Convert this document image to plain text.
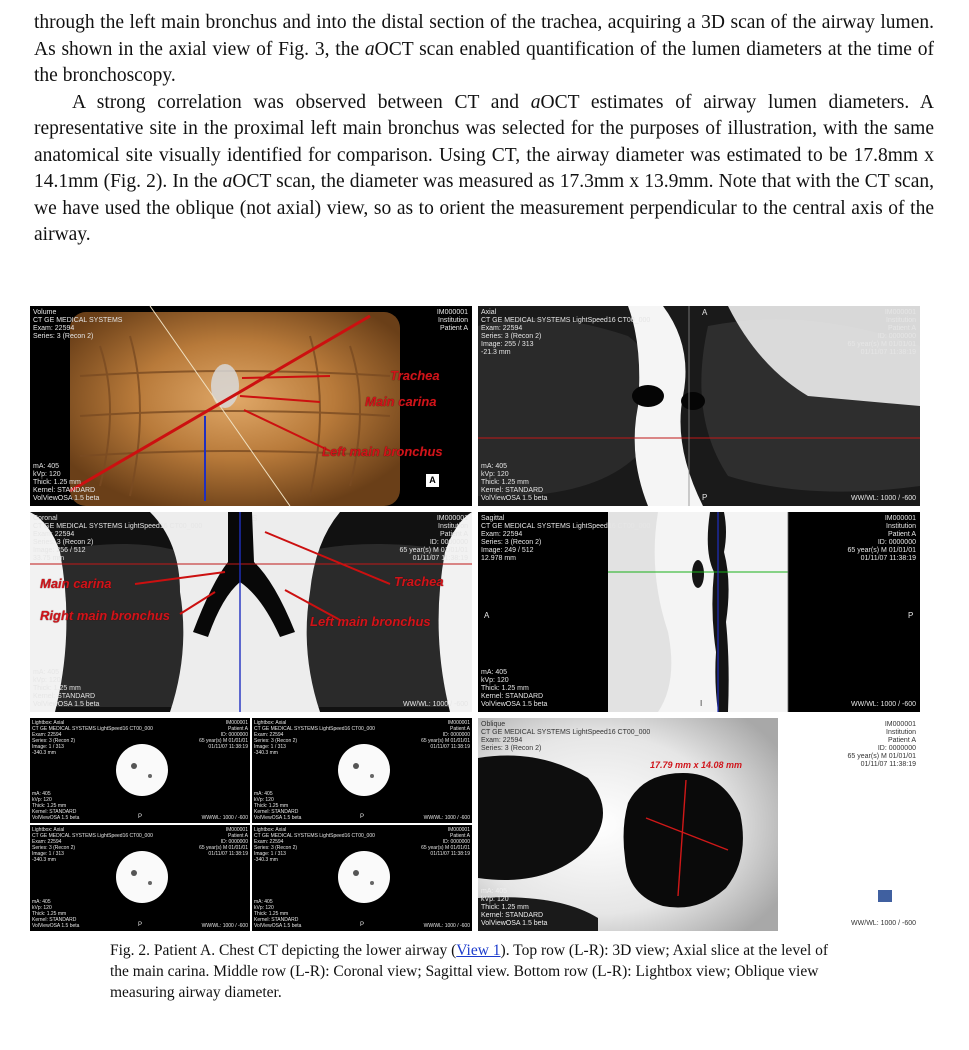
through the left main bronchus and into the distal section of the trachea, acquiring a 3D scan of the airway lumen. As shown in the axial view of Fig. 3, the aOCT scan enabled quantification of the lumen diameters at the time of the bronchoscopy.

A strong correlation was observed between CT and aOCT estimates of airway lumen diameters. A representative site in the proximal left main bronchus was selected for the purposes of illustration, with the same anatomical site visually identified for comparison. Using CT, the airway diameter was estimated to be 17.8mm x 14.1mm (Fig. 2). In the aOCT scan, the diameter was measured as 17.3mm x 13.9mm. Note that with the CT scan, we have used the oblique (not axial) view, so as to orient the measurement perpendicular to the central axis of the airway.

Volume
CT GE MEDICAL SYSTEMS
Exam: 22594
Series: 3 (Recon 2)
IM000001
Institution
Patient A
mA: 405
kVp: 120
Thick: 1.25 mm
Kernel: STANDARD
VolViewOSA 1.5 beta
Trachea
Main carina
Left main bronchus
A
Axial
CT GE MEDICAL SYSTEMS LightSpeed16 CT00_000
Exam: 22594
Series: 3 (Recon 2)
Image: 255 / 313
-21.3 mm
IM000001
Institution
Patient A
ID: 0000000
65 year(s) M 01/01/01
01/11/07 11:38:19
mA: 405
kVp: 120
Thick: 1.25 mm
Kernel: STANDARD
VolViewOSA 1.5 beta	WW/WL: 1000 / -600
A
P
Coronal
CT GE MEDICAL SYSTEMS LightSpeed16 CT00_000
Exam: 22594
Series: 3 (Recon 2)
Image: 256 / 512
33.75 mm
IM000001
Institution
Patient A
ID: 0000000
65 year(s) M 01/01/01
01/11/07 11:38:19
mA: 405
kVp: 120
Thick: 1.25 mm
Kernel: STANDARD
VolViewOSA 1.5 beta	WW/WL: 1000 / -600
S
Main carina
Right main bronchus
Trachea
Left main bronchus
Sagittal
CT GE MEDICAL SYSTEMS LightSpeed16 CT00_000
Exam: 22594
Series: 3 (Recon 2)
Image: 249 / 512
12.978 mm
IM000001
Institution
Patient A
ID: 0000000
65 year(s) M 01/01/01
01/11/07 11:38:19
mA: 405
kVp: 120
Thick: 1.25 mm
Kernel: STANDARD
VolViewOSA 1.5 beta	WW/WL: 1000 / -600
A	P
I
Lightbox: Axial
CT GE MEDICAL SYSTEMS LightSpeed16 CT00_000
Exam: 22594
Series: 3 (Recon 2)
Image: 1 / 313
-340.3 mm
IM000001
Patient A
ID: 0000000
65 year(s) M 01/01/01
01/11/07 11:38:19
mA: 405
kVp: 120
Thick: 1.25 mm
Kernel: STANDARD
VolViewOSA 1.5 beta	WW/WL: 1000 / -600
P
Lightbox: Axial
CT GE MEDICAL SYSTEMS LightSpeed16 CT00_000
Exam: 22594
Series: 3 (Recon 2)
Image: 1 / 313
-340.3 mm
IM000001
Patient A
ID: 0000000
65 year(s) M 01/01/01
01/11/07 11:38:19
mA: 405
kVp: 120
Thick: 1.25 mm
Kernel: STANDARD
VolViewOSA 1.5 beta	WW/WL: 1000 / -600
P
Lightbox: Axial
CT GE MEDICAL SYSTEMS LightSpeed16 CT00_000
Exam: 22594
Series: 3 (Recon 2)
Image: 1 / 313
-340.3 mm
IM000001
Patient A
ID: 0000000
65 year(s) M 01/01/01
01/11/07 11:38:19
mA: 405
kVp: 120
Thick: 1.25 mm
Kernel: STANDARD
VolViewOSA 1.5 beta	WW/WL: 1000 / -600
P
Lightbox: Axial
CT GE MEDICAL SYSTEMS LightSpeed16 CT00_000
Exam: 22594
Series: 3 (Recon 2)
Image: 1 / 313
-340.3 mm
IM000001
Patient A
ID: 0000000
65 year(s) M 01/01/01
01/11/07 11:38:19
mA: 405
kVp: 120
Thick: 1.25 mm
Kernel: STANDARD
VolViewOSA 1.5 beta	WW/WL: 1000 / -600
P
17.79 mm x 14.08 mm
Oblique
CT GE MEDICAL SYSTEMS LightSpeed16 CT00_000
Exam: 22594
Series: 3 (Recon 2)
IM000001
Institution
Patient A
ID: 0000000
65 year(s) M 01/01/01
01/11/07 11:38:19
mA: 405
kVp: 120
Thick: 1.25 mm
Kernel: STANDARD
VolViewOSA 1.5 beta	WW/WL: 1000 / -600
Fig. 2. Patient A. Chest CT depicting the lower airway (View 1). Top row (L-R): 3D view; Axial slice at the level of the main carina. Middle row (L-R): Coronal view; Sagittal view. Bottom row (L-R): Lightbox view; Oblique view measuring airway diameter.
